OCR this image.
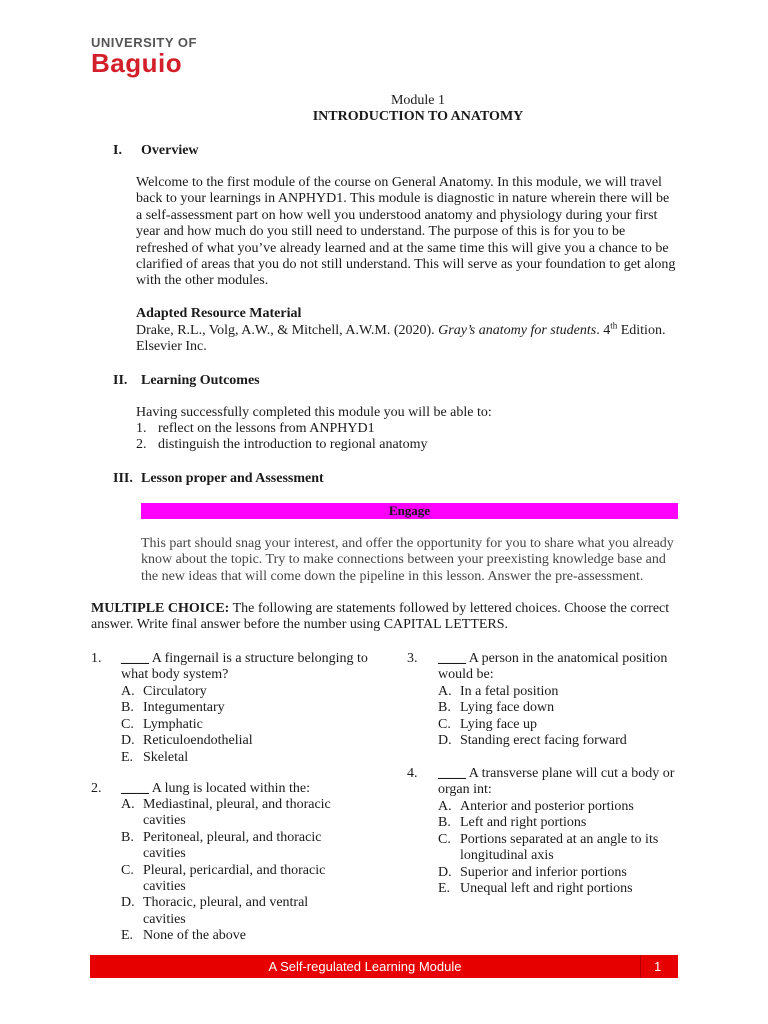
UNIVERSITY OF
Baguio
Module 1
INTRODUCTION TO ANATOMY
I. Overview
Welcome to the first module of the course on General Anatomy. In this module, we will travel back to your learnings in ANPHYD1. This module is diagnostic in nature wherein there will be a self-assessment part on how well you understood anatomy and physiology during your first year and how much do you still need to understand. The purpose of this is for you to be refreshed of what you’ve already learned and at the same time this will give you a chance to be clarified of areas that you do not still understand. This will serve as your foundation to get along with the other modules.
Adapted Resource Material
Drake, R.L., Volg, A.W., & Mitchell, A.W.M. (2020). Gray’s anatomy for students. 4th Edition.
Elsevier Inc.
II. Learning Outcomes
Having successfully completed this module you will be able to:
1. reflect on the lessons from ANPHYD1
2. distinguish the introduction to regional anatomy
III. Lesson proper and Assessment
Engage
This part should snag your interest, and offer the opportunity for you to share what you already know about the topic. Try to make connections between your preexisting knowledge base and the new ideas that will come down the pipeline in this lesson. Answer the pre-assessment.
MULTIPLE CHOICE: The following are statements followed by lettered choices. Choose the correct answer. Write final answer before the number using CAPITAL LETTERS.
1. ____ A fingernail is a structure belonging to what body system?
A. Circulatory
B. Integumentary
C. Lymphatic
D. Reticuloendothelial
E. Skeletal
2. ____ A lung is located within the:
A. Mediastinal, pleural, and thoracic cavities
B. Peritoneal, pleural, and thoracic cavities
C. Pleural, pericardial, and thoracic cavities
D. Thoracic, pleural, and ventral cavities
E. None of the above
3. ____ A person in the anatomical position would be:
A. In a fetal position
B. Lying face down
C. Lying face up
D. Standing erect facing forward
4. ____ A transverse plane will cut a body or organ int:
A. Anterior and posterior portions
B. Left and right portions
C. Portions separated at an angle to its longitudinal axis
D. Superior and inferior portions
E. Unequal left and right portions
A Self-regulated Learning Module	1
